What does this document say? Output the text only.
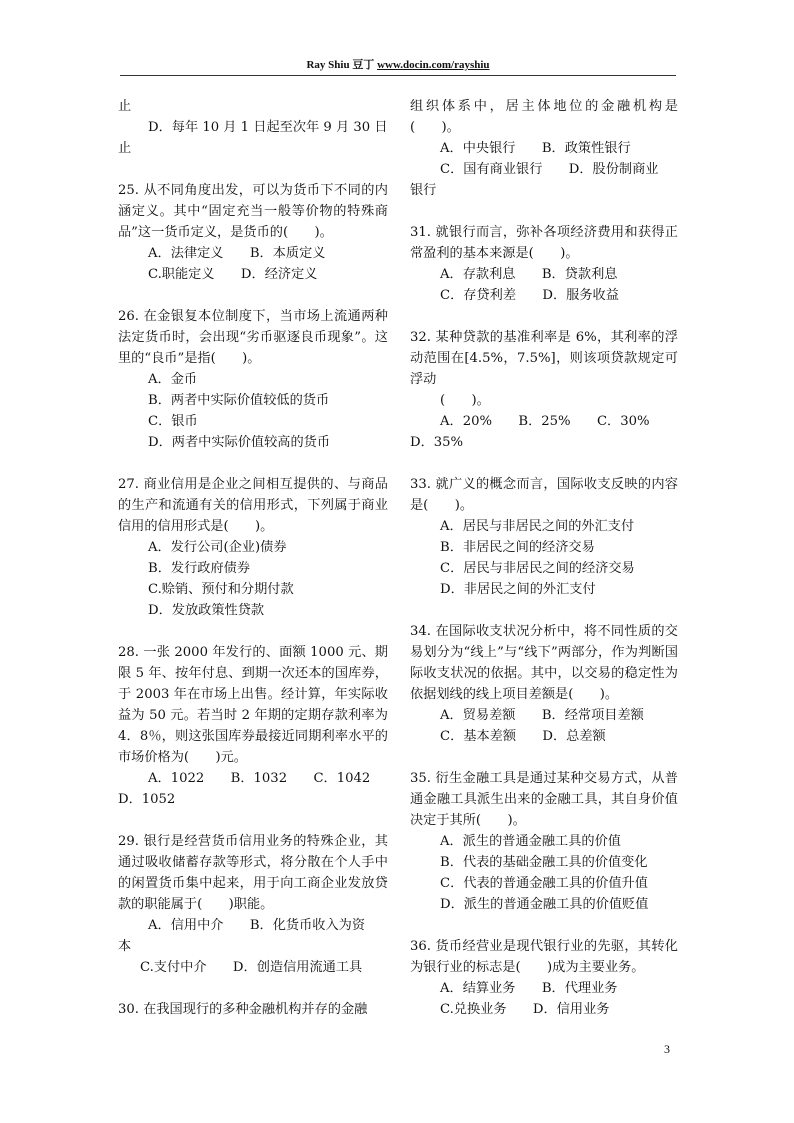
Ray Shiu 豆丁 www.docin.com/rayshiu

止

D．每年 10 月 1 日起至次年 9 月 30 日

止

25. 从不同角度出发，可以为货币下不同的内涵定义。其中“固定充当一般等价物的特殊商品”这一货币定义，是货币的(　　)。

A．法律定义　　B．本质定义

C.职能定义　　D．经济定义

26. 在金银复本位制度下，当市场上流通两种法定货币时，会出现“劣币驱逐良币现象”。这里的“良币”是指(　　)。

A．金币

B．两者中实际价值较低的货币

C．银币

D．两者中实际价值较高的货币

27. 商业信用是企业之间相互提供的、与商品的生产和流通有关的信用形式，下列属于商业信用的信用形式是(　　)。

A．发行公司(企业)债券

B．发行政府债券

C.赊销、预付和分期付款

D．发放政策性贷款

28. 一张 2000 年发行的、面额 1000 元、期限 5 年、按年付息、到期一次还本的国库券，于 2003 年在市场上出售。经计算，年实际收益为 50 元。若当时 2 年期的定期存款利率为 4．8％，则这张国库券最接近同期利率水平的市场价格为(　　)元。

A．1022　　B．1032　　C．1042

D．1052

29. 银行是经营货币信用业务的特殊企业，其通过吸收储蓄存款等形式，将分散在个人手中的闲置货币集中起来，用于向工商企业发放贷款的职能属于(　　)职能。

A．信用中介　　B．化货币收入为资

本

C.支付中介　　D．创造信用流通工具

30. 在我国现行的多种金融机构并存的金融

组织体系中，居主体地位的金融机构是(　　)。

A．中央银行　　B．政策性银行

C．国有商业银行　　D．股份制商业

银行

31. 就银行而言，弥补各项经济费用和获得正常盈利的基本来源是(　　)。

A．存款利息　　B．贷款利息

C．存贷利差　　D．服务收益

32. 某种贷款的基准利率是 6%，其利率的浮动范围在[4.5%，7.5%]，则该项贷款规定可浮动

(　　)。

A．20%　　B．25%　　C．30%

D．35%

33. 就广义的概念而言，国际收支反映的内容是(　　)。

A．居民与非居民之间的外汇支付

B．非居民之间的经济交易

C．居民与非居民之间的经济交易

D．非居民之间的外汇支付

34. 在国际收支状况分析中，将不同性质的交易划分为“线上”与“线下”两部分，作为判断国际收支状况的依据。其中，以交易的稳定性为依据划线的线上项目差额是(　　)。

A．贸易差额　　B．经常项目差额

C．基本差额　　D．总差额

35. 衍生金融工具是通过某种交易方式，从普通金融工具派生出来的金融工具，其自身价值决定于其所(　　)。

A．派生的普通金融工具的价值

B．代表的基础金融工具的价值变化

C．代表的普通金融工具的价值升值

D．派生的普通金融工具的价值贬值

36. 货币经营业是现代银行业的先驱，其转化为银行业的标志是(　　)成为主要业务。

A．结算业务　　B．代理业务

C.兑换业务　　D．信用业务

3
